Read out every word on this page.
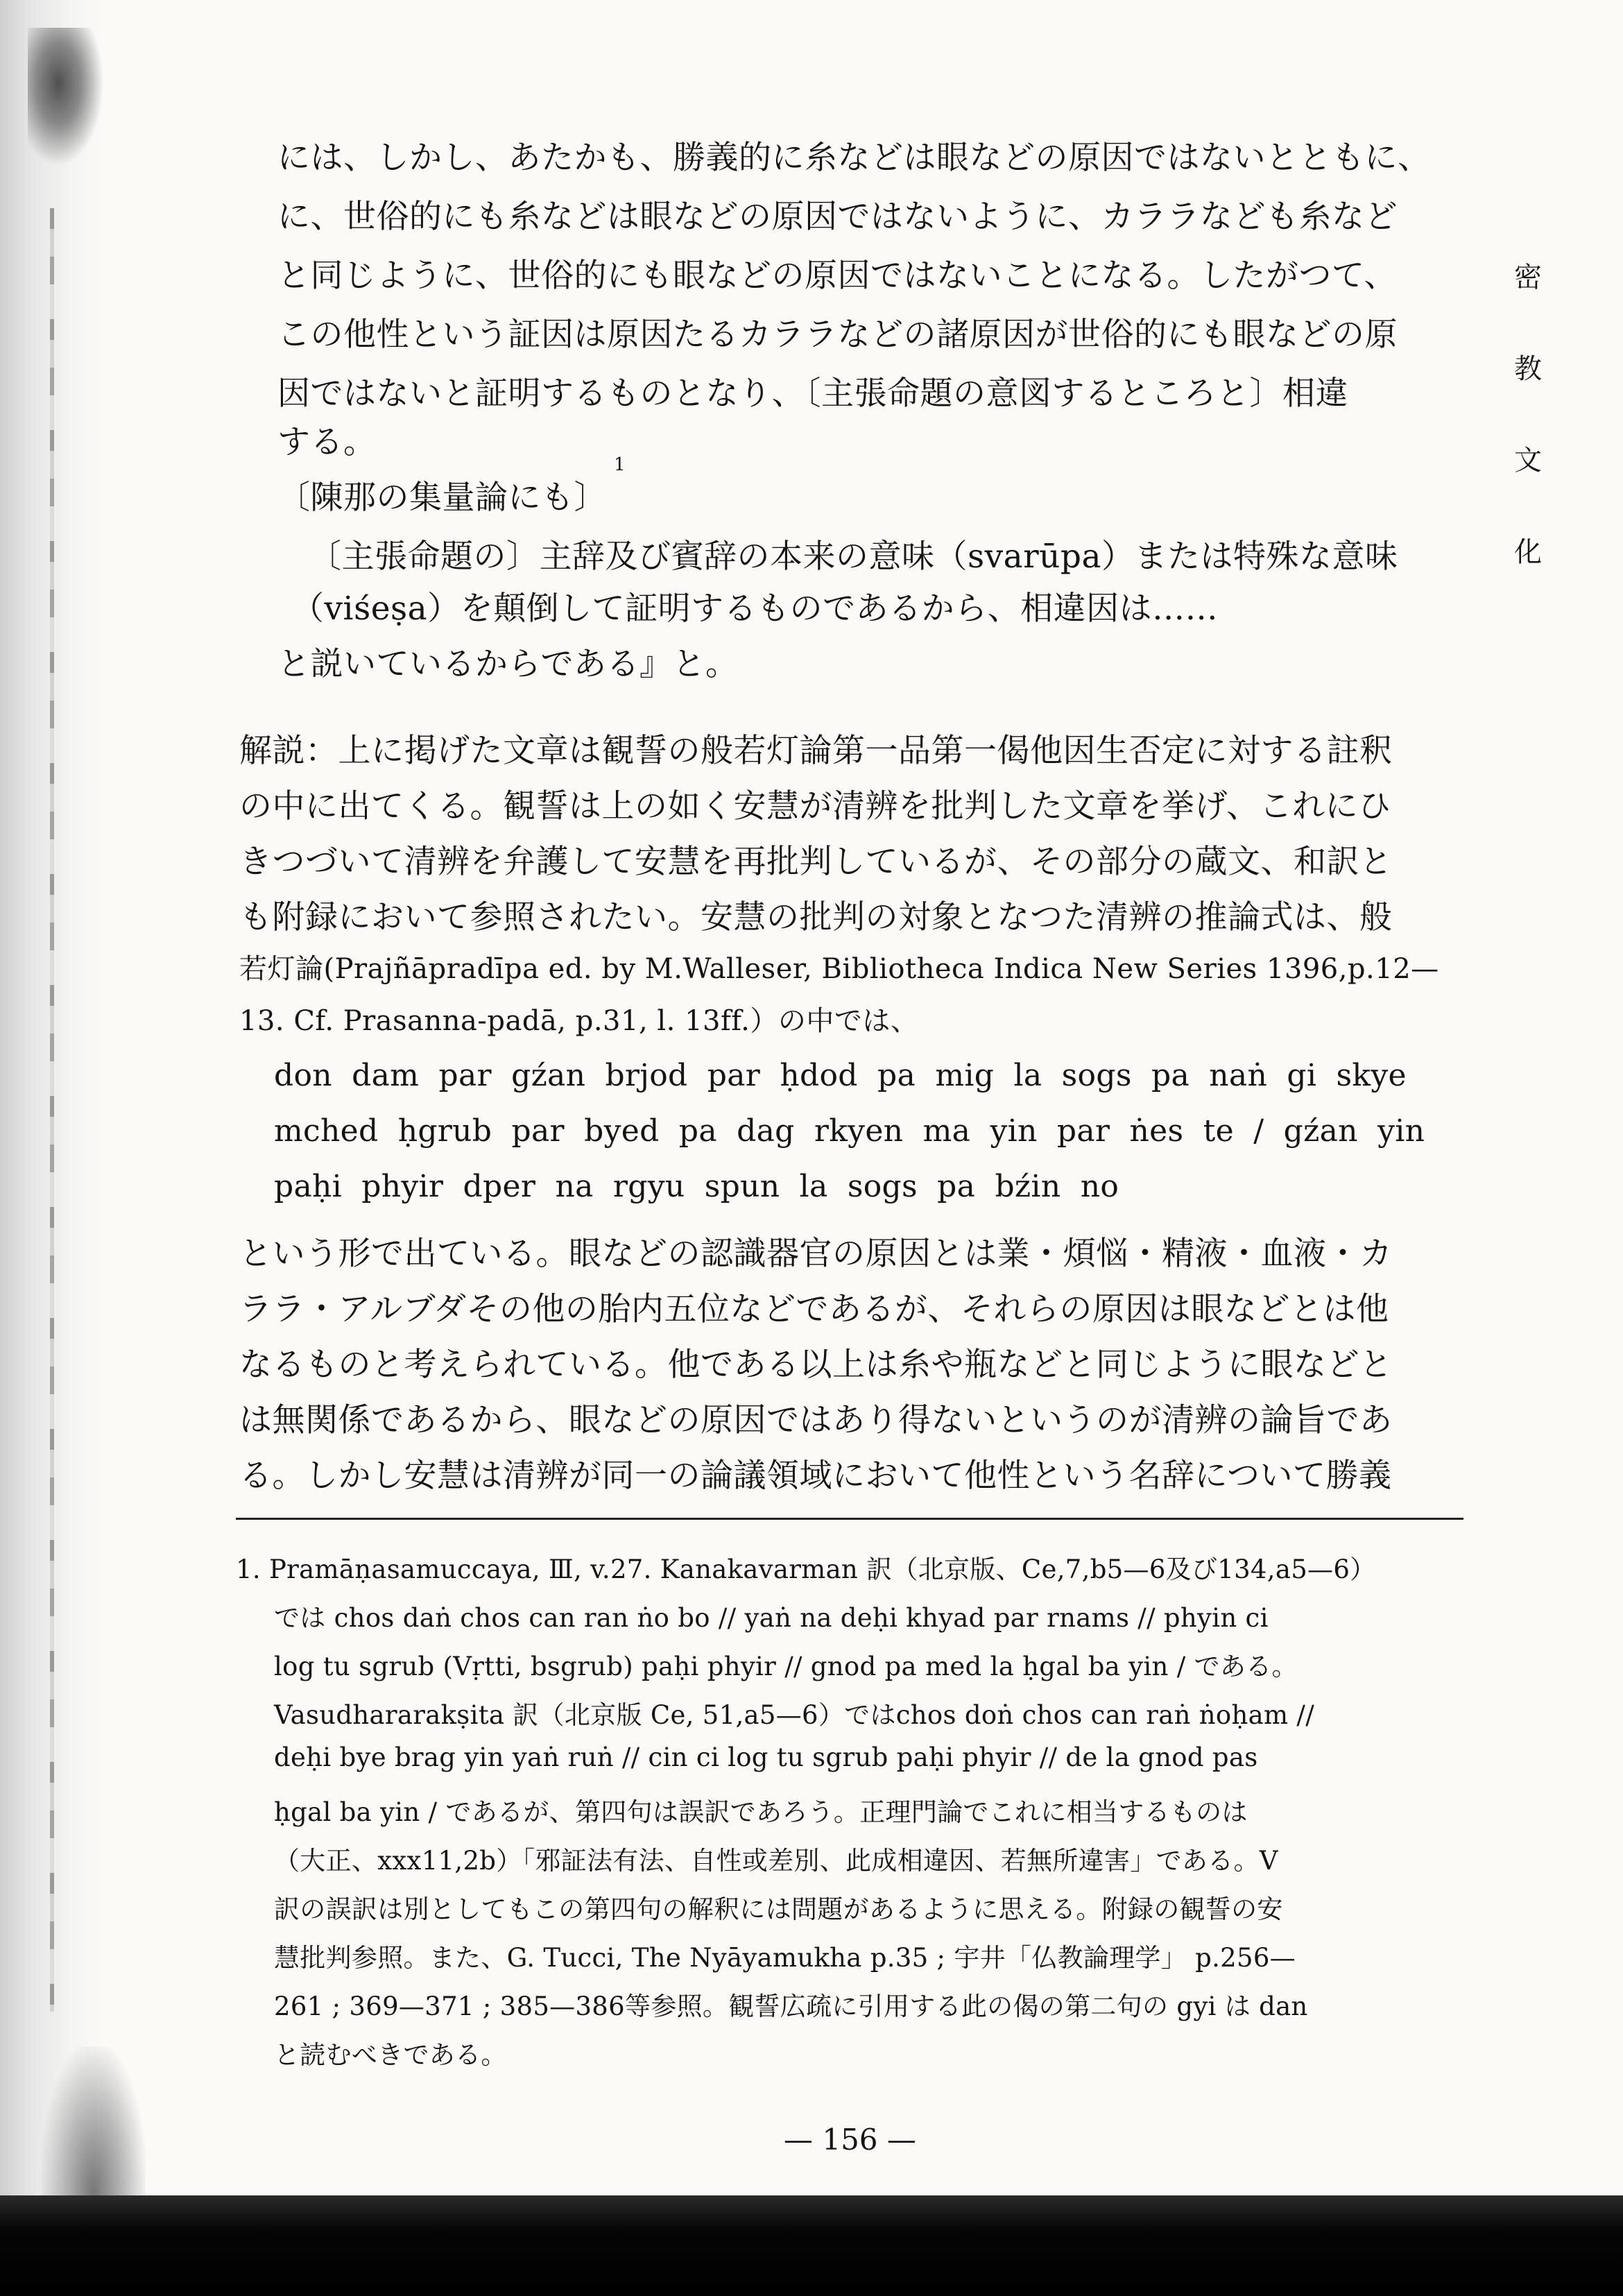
密
教
文
化
には、しかし、あたかも、勝義的に糸などは眼などの原因ではないとともに、
に、世俗的にも糸などは眼などの原因ではないように、カララなども糸など
と同じように、世俗的にも眼などの原因ではないことになる。したがつて、
この他性という証因は原因たるカララなどの諸原因が世俗的にも眼などの原
因ではないと証明するものとなり、〔主張命題の意図するところと〕相違
する。
〔陳那の集量論にも〕
1
〔主張命題の〕主辞及び賓辞の本来の意味（svarūpa）または特殊な意味
（viśeṣa）を顛倒して証明するものであるから、相違因は……
と説いているからである』と。
解説：上に掲げた文章は観誓の般若灯論第一品第一偈他因生否定に対する註釈
の中に出てくる。観誓は上の如く安慧が清辨を批判した文章を挙げ、これにひ
きつづいて清辨を弁護して安慧を再批判しているが、その部分の蔵文、和訳と
も附録において参照されたい。安慧の批判の対象となつた清辨の推論式は、般
若灯論(Prajñāpradīpa ed. by M.Walleser, Bibliotheca Indica New Series 1396,p.12—
13. Cf. Prasanna-padā, p.31, l. 13ff.）の中では、
don dam par gźan brjod par ḥdod pa mig la sogs pa naṅ gi skye
mched ḥgrub par byed pa dag rkyen ma yin par ṅes te / gźan yin
paḥi phyir dper na rgyu spun la sogs pa bźin no
という形で出ている。眼などの認識器官の原因とは業・煩悩・精液・血液・カ
ララ・アルブダその他の胎内五位などであるが、それらの原因は眼などとは他
なるものと考えられている。他である以上は糸や瓶などと同じように眼などと
は無関係であるから、眼などの原因ではあり得ないというのが清辨の論旨であ
る。しかし安慧は清辨が同一の論議領域において他性という名辞について勝義
1. Pramāṇasamuccaya, Ⅲ, v.27. Kanakavarman 訳（北京版、Ce,7,b5—6及び134,a5—6）
では chos daṅ chos can ran ṅo bo // yaṅ na deḥi khyad par rnams // phyin ci
log tu sgrub (Vṛtti, bsgrub) paḥi phyir // gnod pa med la ḥgal ba yin / である。
Vasudhararakṣita 訳（北京版 Ce, 51,a5—6）ではchos doṅ chos can raṅ ṅoḥam //
deḥi bye brag yin yaṅ ruṅ // cin ci log tu sgrub paḥi phyir // de la gnod pas
ḥgal ba yin / であるが、第四句は誤訳であろう。正理門論でこれに相当するものは
（大正、xxx11,2b）「邪証法有法、自性或差別、此成相違因、若無所違害」である。V
訳の誤訳は別としてもこの第四句の解釈には問題があるように思える。附録の観誓の安
慧批判参照。また、G. Tucci, The Nyāyamukha p.35 ; 宇井「仏教論理学」 p.256—
261 ; 369—371 ; 385—386等参照。観誓広疏に引用する此の偈の第二句の gyi は dan
と読むべきである。
— 156 —
